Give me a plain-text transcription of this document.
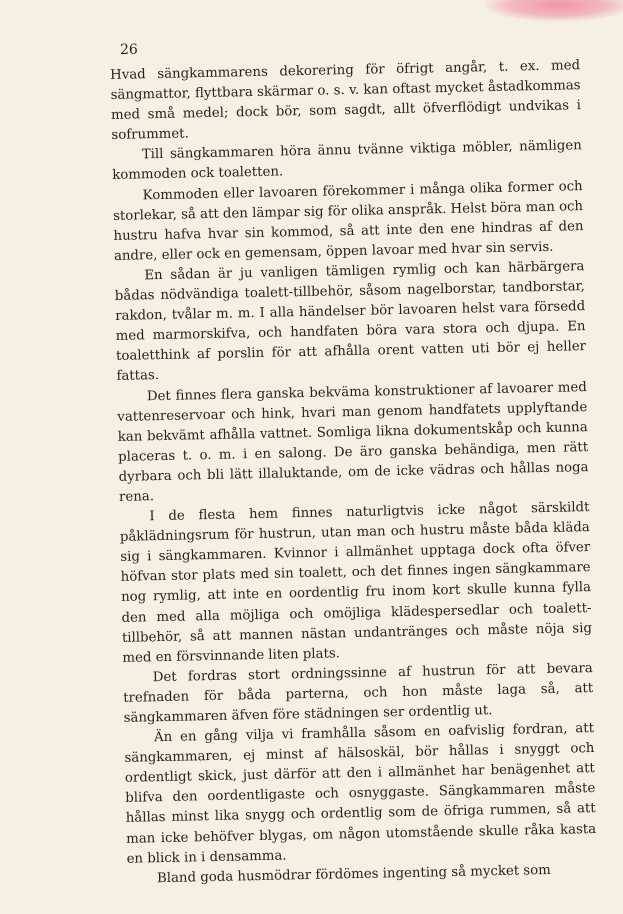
26

Hvad sängkammarens dekorering för öfrigt angår, t. ex. med sängmattor, flyttbara skärmar o. s. v. kan oftast mycket åstadkommas med små medel; dock bör, som sagdt, allt öfverflödigt undvikas i sofrummet.

Till sängkammaren höra ännu tvänne viktiga möbler, nämligen kommoden ock toaletten.

Kommoden eller lavoaren förekommer i många olika former och storlekar, så att den lämpar sig för olika anspråk. Helst böra man och hustru hafva hvar sin kommod, så att inte den ene hindras af den andre, eller ock en gemensam, öppen lavoar med hvar sin servis.

En sådan är ju vanligen tämligen rymlig och kan härbärgera bådas nödvändiga toalett-tillbehör, såsom nagelborstar, tandborstar, rakdon, tvålar m. m. I alla händelser bör lavoaren helst vara försedd med marmorskifva, och handfaten böra vara stora och djupa. En toaletthink af porslin för att afhålla orent vatten uti bör ej heller fattas.

Det finnes flera ganska bekväma konstruktioner af lavoarer med vattenreservoar och hink, hvari man genom handfatets upplyftande kan bekvämt afhålla vattnet. Somliga likna dokumentskåp och kunna placeras t. o. m. i en salong. De äro ganska behändiga, men rätt dyrbara och bli lätt illaluktande, om de icke vädras och hållas noga rena.

I de flesta hem finnes naturligtvis icke något särskildt påklädningsrum för hustrun, utan man och hustru måste båda kläda sig i sängkammaren. Kvinnor i allmänhet upptaga dock ofta öfver höfvan stor plats med sin toalett, och det finnes ingen sängkammare nog rymlig, att inte en oordentlig fru inom kort skulle kunna fylla den med alla möjliga och omöjliga klädespersedlar och toalett-tillbehör, så att mannen nästan undantränges och måste nöja sig med en försvinnande liten plats.

Det fordras stort ordningssinne af hustrun för att bevara trefnaden för båda parterna, och hon måste laga så, att sängkammaren äfven före städningen ser ordentlig ut.

Än en gång vilja vi framhålla såsom en oafvislig fordran, att sängkammaren, ej minst af hälsoskäl, bör hållas i snyggt och ordentligt skick, just därför att den i allmänhet har benägenhet att blifva den oordentligaste och osnyggaste. Sängkammaren måste hållas minst lika snygg och ordentlig som de öfriga rummen, så att man icke behöfver blygas, om någon utomstående skulle råka kasta en blick in i densamma.

Bland goda husmödrar fördömes ingenting så mycket som
